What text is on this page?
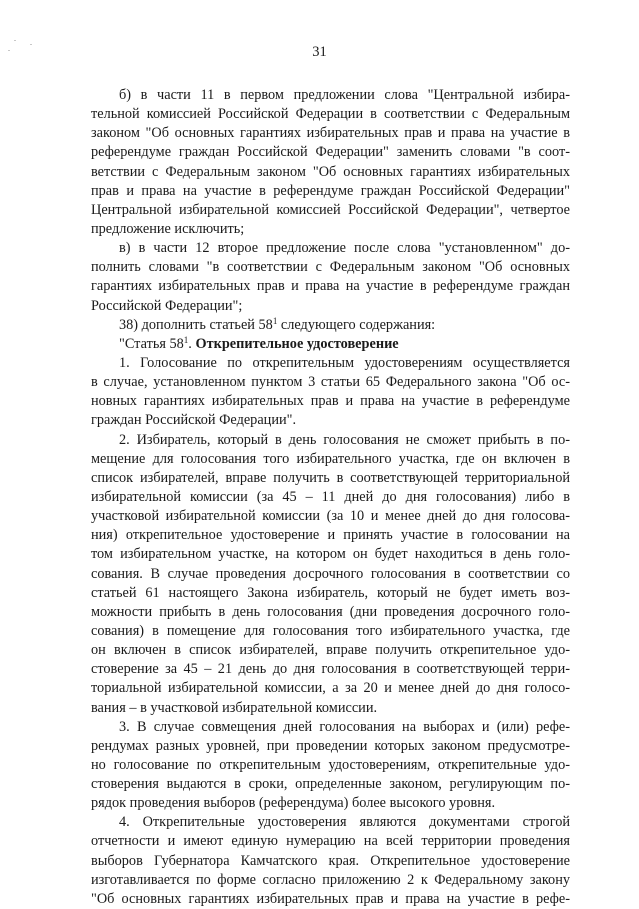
31
б) в части 11 в первом предложении слова "Центральной избира-
тельной комиссией Российской Федерации в соответствии с Федеральным
законом "Об основных гарантиях избирательных прав и права на участие в
референдуме граждан Российской Федерации" заменить словами "в соот-
ветствии с Федеральным законом "Об основных гарантиях избирательных
прав и права на участие в референдуме граждан Российской Федерации"
Центральной избирательной комиссией Российской Федерации", четвертое
предложение исключить;
в) в части 12 второе предложение после слова "установленном" до-
полнить словами "в соответствии с Федеральным законом "Об основных
гарантиях избирательных прав и права на участие в референдуме граждан
Российской Федерации";
38) дополнить статьей $58^1$ следующего содержания:
"Статья $58^1$. Открепительное удостоверение
1. Голосование по открепительным удостоверениям осуществляется
в случае, установленном пунктом 3 статьи 65 Федерального закона "Об ос-
новных гарантиях избирательных прав и права на участие в референдуме
граждан Российской Федерации".
2. Избиратель, который в день голосования не сможет прибыть в по-
мещение для голосования того избирательного участка, где он включен в
список избирателей, вправе получить в соответствующей территориальной
избирательной комиссии (за 45 – 11 дней до дня голосования) либо в
участковой избирательной комиссии (за 10 и менее дней до дня голосова-
ния) открепительное удостоверение и принять участие в голосовании на
том избирательном участке, на котором он будет находиться в день голо-
сования. В случае проведения досрочного голосования в соответствии со
статьей 61 настоящего Закона избиратель, который не будет иметь воз-
можности прибыть в день голосования (дни проведения досрочного голо-
сования) в помещение для голосования того избирательного участка, где
он включен в список избирателей, вправе получить открепительное удо-
стоверение за 45 – 21 день до дня голосования в соответствующей терри-
ториальной избирательной комиссии, а за 20 и менее дней до дня голосо-
вания – в участковой избирательной комиссии.
3. В случае совмещения дней голосования на выборах и (или) рефе-
рендумах разных уровней, при проведении которых законом предусмотре-
но голосование по открепительным удостоверениям, открепительные удо-
стоверения выдаются в сроки, определенные законом, регулирующим по-
рядок проведения выборов (референдума) более высокого уровня.
4. Открепительные удостоверения являются документами строгой
отчетности и имеют единую нумерацию на всей территории проведения
выборов Губернатора Камчатского края. Открепительное удостоверение
изготавливается по форме согласно приложению 2 к Федеральному закону
"Об основных гарантиях избирательных прав и права на участие в рефе-
